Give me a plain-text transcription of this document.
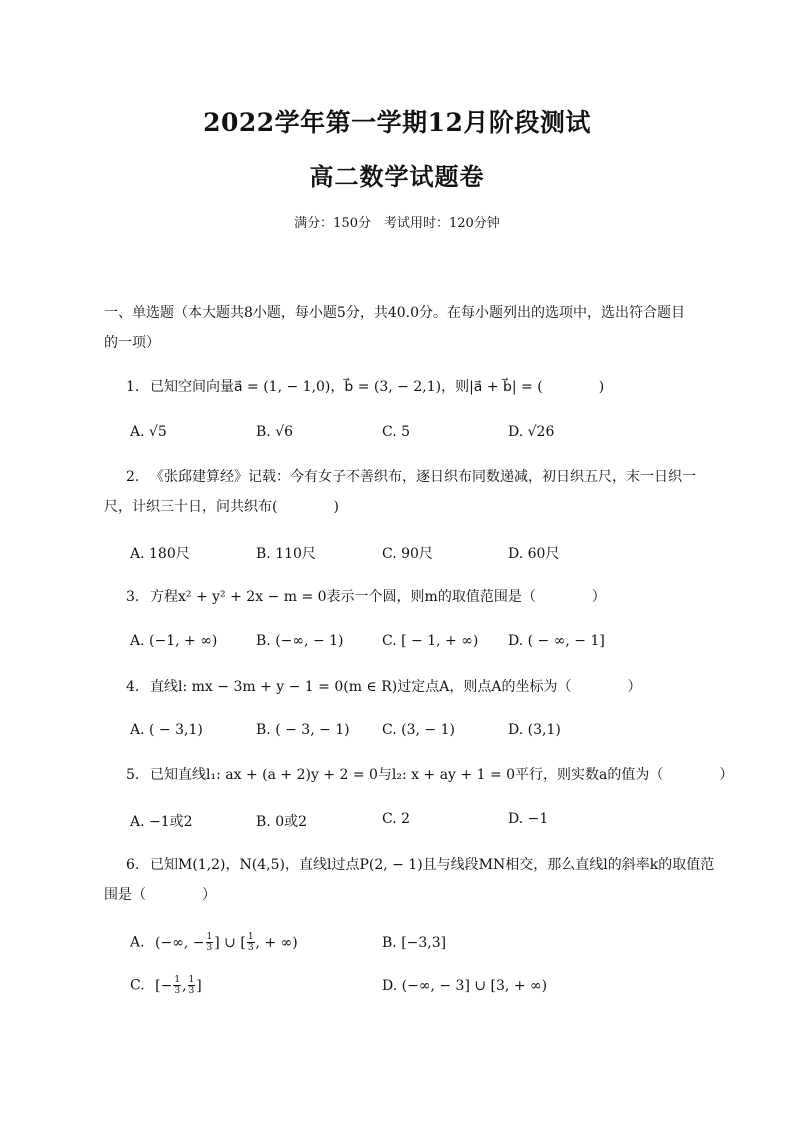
2022学年第一学期12月阶段测试
高二数学试题卷
满分：150分　考试用时：120分钟
一、单选题（本大题共8小题，每小题5分，共40.0分。在每小题列出的选项中，选出符合题目
的一项）
1. 已知空间向量a⃗ = (1, − 1,0)，b⃗ = (3, − 2,1)，则|a⃗ + b⃗| = (　　　　)
A. √5	B. √6	C. 5	D. √26
2. 《张邱建算经》记载：今有女子不善织布，逐日织布同数递减，初日织五尺，末一日织一
尺，计织三十日，问共织布(　　　　)
A. 180尺	B. 110尺	C. 90尺	D. 60尺
3. 方程x² + y² + 2x − m = 0表示一个圆，则m的取值范围是（　　　　）
A. (−1, + ∞)	B. (−∞, − 1)	C. [ − 1, + ∞) D. ( − ∞, − 1]
4. 直线l: mx − 3m + y − 1 = 0(m ∈ R)过定点A，则点A的坐标为（　　　　）
A. ( − 3,1)	B. ( − 3, − 1) C. (3, − 1)	D. (3,1)
5. 已知直线l₁: ax + (a + 2)y + 2 = 0与l₂: x + ay + 1 = 0平行，则实数a的值为（　　　　）
A. −1或2	B. 0或2	C. 2	D. −1
6. 已知M(1,2)，N(4,5)，直线l过点P(2, − 1)且与线段MN相交，那么直线l的斜率k的取值范
围是（　　　　）
A. (−∞, − $\frac{1}{3}$ ] ∪ [ $\frac{1}{3}$ , + ∞)	B. [−3,3]
C. [− $\frac{1}{3}$ , $\frac{1}{3}$ ]	D. (−∞, − 3] ∪ [3, + ∞)
